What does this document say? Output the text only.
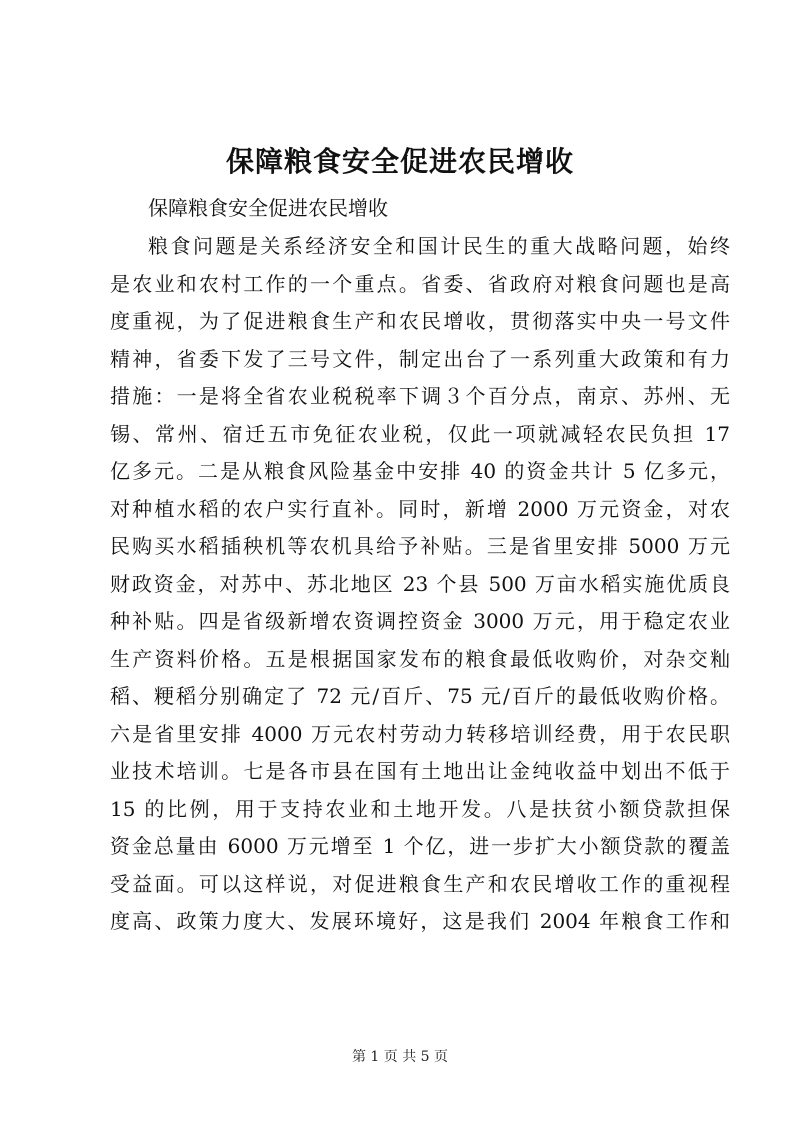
保障粮食安全促进农民增收
保障粮食安全促进农民增收
粮食问题是关系经济安全和国计民生的重大战略问题，始终
是农业和农村工作的一个重点。省委、省政府对粮食问题也是高
度重视，为了促进粮食生产和农民增收，贯彻落实中央一号文件
精神，省委下发了三号文件，制定出台了一系列重大政策和有力
措施：一是将全省农业税税率下调３个百分点，南京、苏州、无
锡、常州、宿迁五市免征农业税，仅此一项就减轻农民负担 17
亿多元。二是从粮食风险基金中安排 40 的资金共计 5 亿多元，
对种植水稻的农户实行直补。同时，新增 2000 万元资金，对农
民购买水稻插秧机等农机具给予补贴。三是省里安排 5000 万元
财政资金，对苏中、苏北地区 23 个县 500 万亩水稻实施优质良
种补贴。四是省级新增农资调控资金 3000 万元，用于稳定农业
生产资料价格。五是根据国家发布的粮食最低收购价，对杂交籼
稻、粳稻分别确定了 72 元/百斤、75 元/百斤的最低收购价格。
六是省里安排 4000 万元农村劳动力转移培训经费，用于农民职
业技术培训。七是各市县在国有土地出让金纯收益中划出不低于
15 的比例，用于支持农业和土地开发。八是扶贫小额贷款担保
资金总量由 6000 万元增至 1 个亿，进一步扩大小额贷款的覆盖
受益面。可以这样说，对促进粮食生产和农民增收工作的重视程
度高、政策力度大、发展环境好，这是我们 2004 年粮食工作和
第 1 页 共 5 页
